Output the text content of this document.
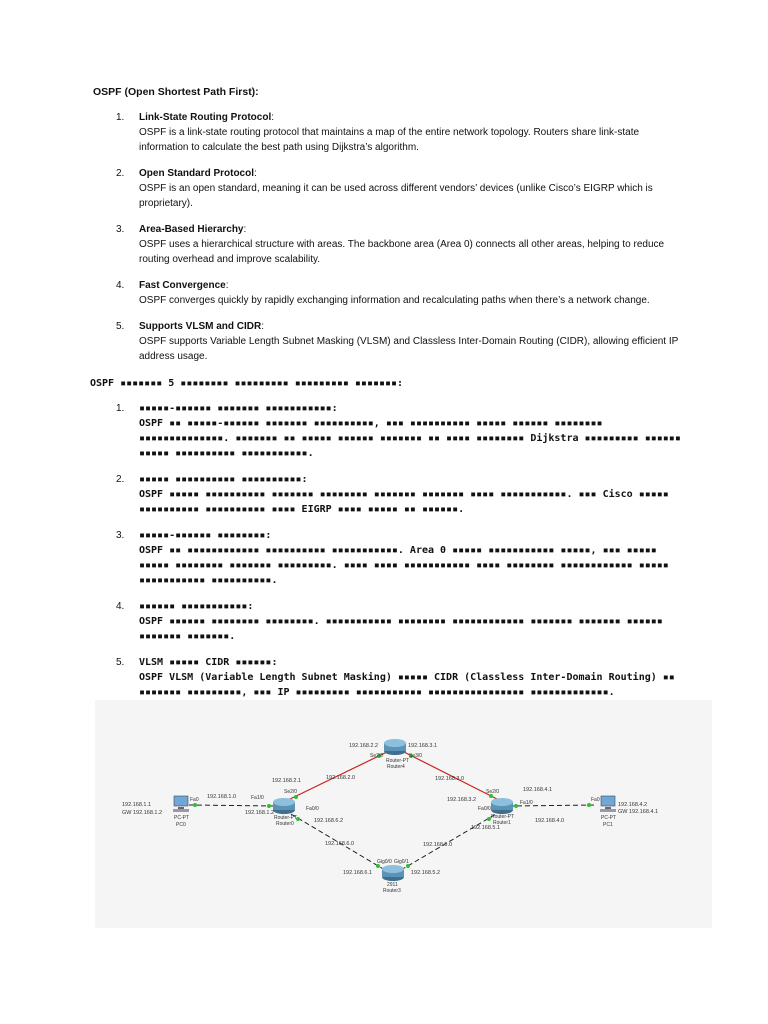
OSPF (Open Shortest Path First):
1. Link-State Routing Protocol:
OSPF is a link-state routing protocol that maintains a map of the entire network topology. Routers share link-state information to calculate the best path using Dijkstra’s algorithm.
2. Open Standard Protocol:
OSPF is an open standard, meaning it can be used across different vendors’ devices (unlike Cisco’s EIGRP which is proprietary).
3. Area-Based Hierarchy:
OSPF uses a hierarchical structure with areas. The backbone area (Area 0) connects all other areas, helping to reduce routing overhead and improve scalability.
4. Fast Convergence:
OSPF converges quickly by rapidly exchanging information and recalculating paths when there’s a network change.
5. Supports VLSM and CIDR:
OSPF supports Variable Length Subnet Masking (VLSM) and Classless Inter-Domain Routing (CIDR), allowing efficient IP address usage.
OSPF ▪▪▪▪▪▪▪ 5 ▪▪▪▪▪▪▪▪ ▪▪▪▪▪▪▪▪▪ ▪▪▪▪▪▪▪▪▪ ▪▪▪▪▪▪▪:
1. ▪▪▪▪▪-▪▪▪▪▪▪ ▪▪▪▪▪▪▪ ▪▪▪▪▪▪▪▪▪▪▪:
OSPF ▪▪ ▪▪▪▪▪-▪▪▪▪▪▪ ▪▪▪▪▪▪▪ ▪▪▪▪▪▪▪▪▪▪, ▪▪▪ ▪▪▪▪▪▪▪▪▪▪ ▪▪▪▪▪ ▪▪▪▪▪▪ ▪▪▪▪▪▪▪▪ ▪▪▪▪▪▪▪▪▪▪▪▪▪▪. ▪▪▪▪▪▪▪ ▪▪ ▪▪▪▪▪ ▪▪▪▪▪▪ ▪▪▪▪▪▪▪ ▪▪ ▪▪▪▪ ▪▪▪▪▪▪▪▪ Dijkstra ▪▪▪▪▪▪▪▪▪ ▪▪▪▪▪▪ ▪▪▪▪▪ ▪▪▪▪▪▪▪▪▪▪ ▪▪▪▪▪▪▪▪▪▪▪.
2. ▪▪▪▪▪ ▪▪▪▪▪▪▪▪▪▪ ▪▪▪▪▪▪▪▪▪▪:
OSPF ▪▪▪▪▪ ▪▪▪▪▪▪▪▪▪▪ ▪▪▪▪▪▪▪ ▪▪▪▪▪▪▪▪ ▪▪▪▪▪▪▪ ▪▪▪▪▪▪▪ ▪▪▪▪ ▪▪▪▪▪▪▪▪▪▪▪. ▪▪▪ Cisco ▪▪▪▪▪ ▪▪▪▪▪▪▪▪▪▪ ▪▪▪▪▪▪▪▪▪▪ ▪▪▪▪ EIGRP ▪▪▪▪ ▪▪▪▪▪ ▪▪ ▪▪▪▪▪▪.
3. ▪▪▪▪▪-▪▪▪▪▪▪ ▪▪▪▪▪▪▪▪:
OSPF ▪▪ ▪▪▪▪▪▪▪▪▪▪▪▪ ▪▪▪▪▪▪▪▪▪▪ ▪▪▪▪▪▪▪▪▪▪▪. Area 0 ▪▪▪▪▪ ▪▪▪▪▪▪▪▪▪▪▪ ▪▪▪▪▪, ▪▪▪ ▪▪▪▪▪ ▪▪▪▪▪ ▪▪▪▪▪▪▪▪ ▪▪▪▪▪▪▪ ▪▪▪▪▪▪▪▪▪. ▪▪▪▪ ▪▪▪▪ ▪▪▪▪▪▪▪▪▪▪▪ ▪▪▪▪ ▪▪▪▪▪▪▪▪ ▪▪▪▪▪▪▪▪▪▪▪▪ ▪▪▪▪▪ ▪▪▪▪▪▪▪▪▪▪▪ ▪▪▪▪▪▪▪▪▪▪.
4. ▪▪▪▪▪▪ ▪▪▪▪▪▪▪▪▪▪▪:
OSPF ▪▪▪▪▪▪ ▪▪▪▪▪▪▪▪ ▪▪▪▪▪▪▪▪. ▪▪▪▪▪▪▪▪▪▪▪ ▪▪▪▪▪▪▪▪ ▪▪▪▪▪▪▪▪▪▪▪▪ ▪▪▪▪▪▪▪ ▪▪▪▪▪▪▪ ▪▪▪▪▪▪ ▪▪▪▪▪▪▪ ▪▪▪▪▪▪▪.
5. VLSM ▪▪▪▪▪ CIDR ▪▪▪▪▪▪:
OSPF VLSM (Variable Length Subnet Masking) ▪▪▪▪▪ CIDR (Classless Inter-Domain Routing) ▪▪ ▪▪▪▪▪▪▪ ▪▪▪▪▪▪▪▪▪, ▪▪▪ IP ▪▪▪▪▪▪▪▪▪ ▪▪▪▪▪▪▪▪▪▪▪ ▪▪▪▪▪▪▪▪▪▪▪▪▪▪▪▪ ▪▪▪▪▪▪▪▪▪▪▪▪▪.
192.168.2.2	192.168.3.1
Se2/0	Se3/0
Router-PT
Router4
192.168.2.1
Se2/0
Fa1/0
Fa0/0
Router-PT
Router0
192.168.3.2
192.168.4.1
Se2/0
Fa1/0
Fa0/0
Router-PT
Router1
Gig0/0 Gig0/1
192.168.6.1	192.168.5.2
2911
Router3
Fa0
192.168.1.1
GW 192.168.1.2
PC-PT
PC0
Fa0
192.168.4.2
GW 192.168.4.1
PC-PT
PC1
192.168.1.0
192.168.1.2
192.168.2.0	192.168.3.0
192.168.4.0
192.168.5.0
192.168.5.1
192.168.6.0
192.168.6.2
